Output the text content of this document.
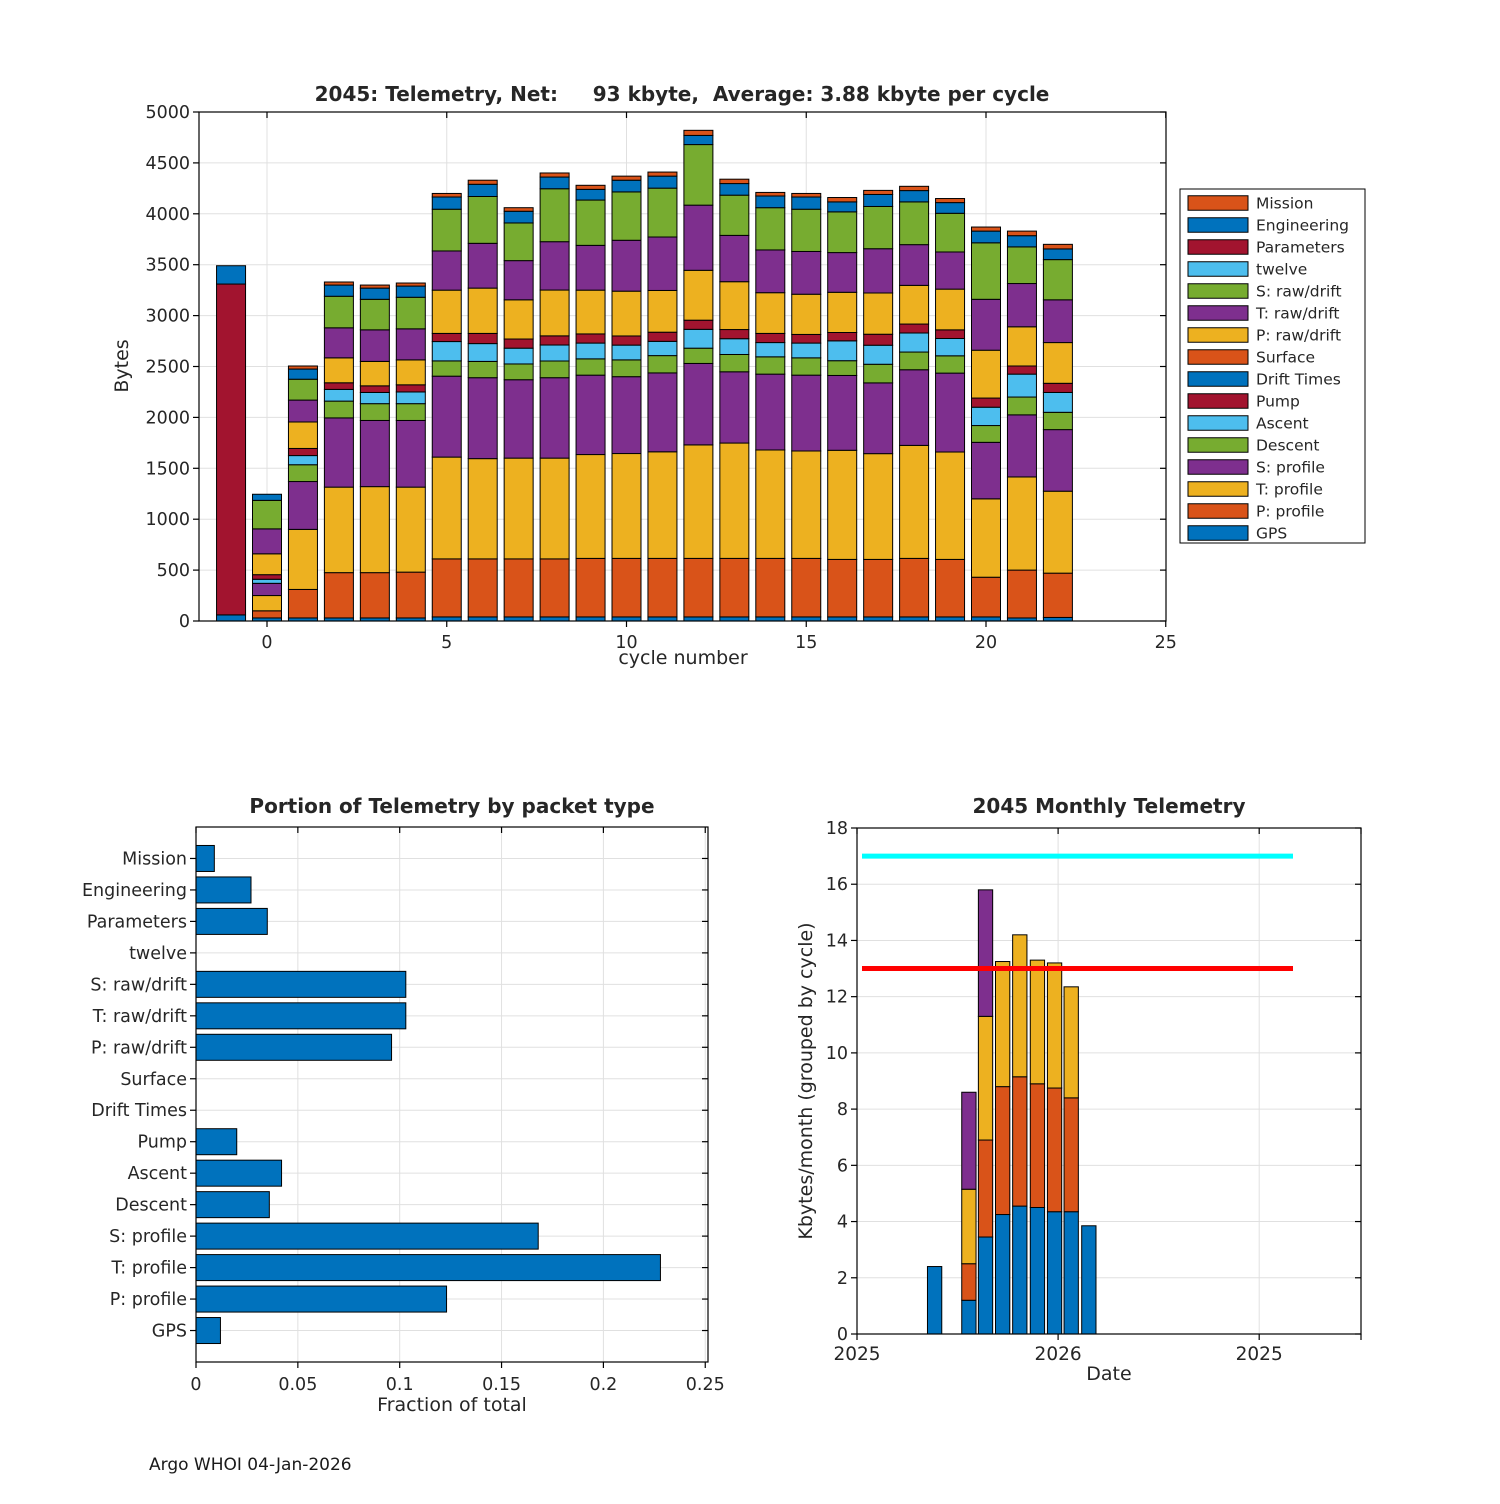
0	5	10	15	20	25
0
500
1000
1500
2000
2500
3000
3500
4000
4500
5000
Mission
Engineering
Parameters
twelve
S: raw/drift
T: raw/drift
P: raw/drift
Surface
Drift Times
Pump
Ascent
Descent
S: profile
T: profile
P: profile
GPS
Mission
Engineering
Parameters
twelve
S: raw/drift
T: raw/drift
P: raw/drift
Surface
Drift Times
Pump
Ascent
Descent
S: profile
T: profile
P: profile
GPS
0	0.05	0.1	0.15	0.2	0.25
0
2
4
6
8
10
12
14
16
18
2025	2026	2025
2045: Telemetry, Net:     93 kbyte,  Average: 3.88 kbyte per cycle
cycle number
Bytes
Portion of Telemetry by packet type
Fraction of total
2045 Monthly Telemetry
Date
Kbytes/month (grouped by cycle)
Argo WHOI 04-Jan-2026
